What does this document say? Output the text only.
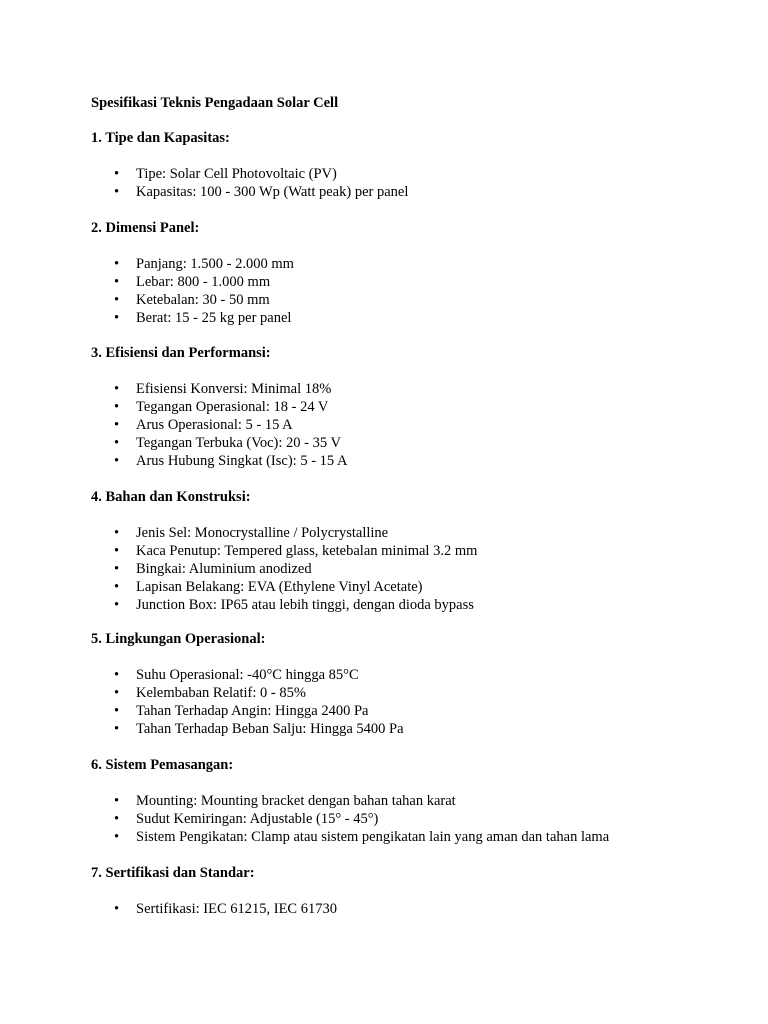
Spesifikasi Teknis Pengadaan Solar Cell
1. Tipe dan Kapasitas:
• Tipe: Solar Cell Photovoltaic (PV)
• Kapasitas: 100 - 300 Wp (Watt peak) per panel
2. Dimensi Panel:
• Panjang: 1.500 - 2.000 mm
• Lebar: 800 - 1.000 mm
• Ketebalan: 30 - 50 mm
• Berat: 15 - 25 kg per panel
3. Efisiensi dan Performansi:
• Efisiensi Konversi: Minimal 18%
• Tegangan Operasional: 18 - 24 V
• Arus Operasional: 5 - 15 A
• Tegangan Terbuka (Voc): 20 - 35 V
• Arus Hubung Singkat (Isc): 5 - 15 A
4. Bahan dan Konstruksi:
• Jenis Sel: Monocrystalline / Polycrystalline
• Kaca Penutup: Tempered glass, ketebalan minimal 3.2 mm
• Bingkai: Aluminium anodized
• Lapisan Belakang: EVA (Ethylene Vinyl Acetate)
• Junction Box: IP65 atau lebih tinggi, dengan dioda bypass
5. Lingkungan Operasional:
• Suhu Operasional: -40°C hingga 85°C
• Kelembaban Relatif: 0 - 85%
• Tahan Terhadap Angin: Hingga 2400 Pa
• Tahan Terhadap Beban Salju: Hingga 5400 Pa
6. Sistem Pemasangan:
• Mounting: Mounting bracket dengan bahan tahan karat
• Sudut Kemiringan: Adjustable (15° - 45°)
• Sistem Pengikatan: Clamp atau sistem pengikatan lain yang aman dan tahan lama
7. Sertifikasi dan Standar:
• Sertifikasi: IEC 61215, IEC 61730
